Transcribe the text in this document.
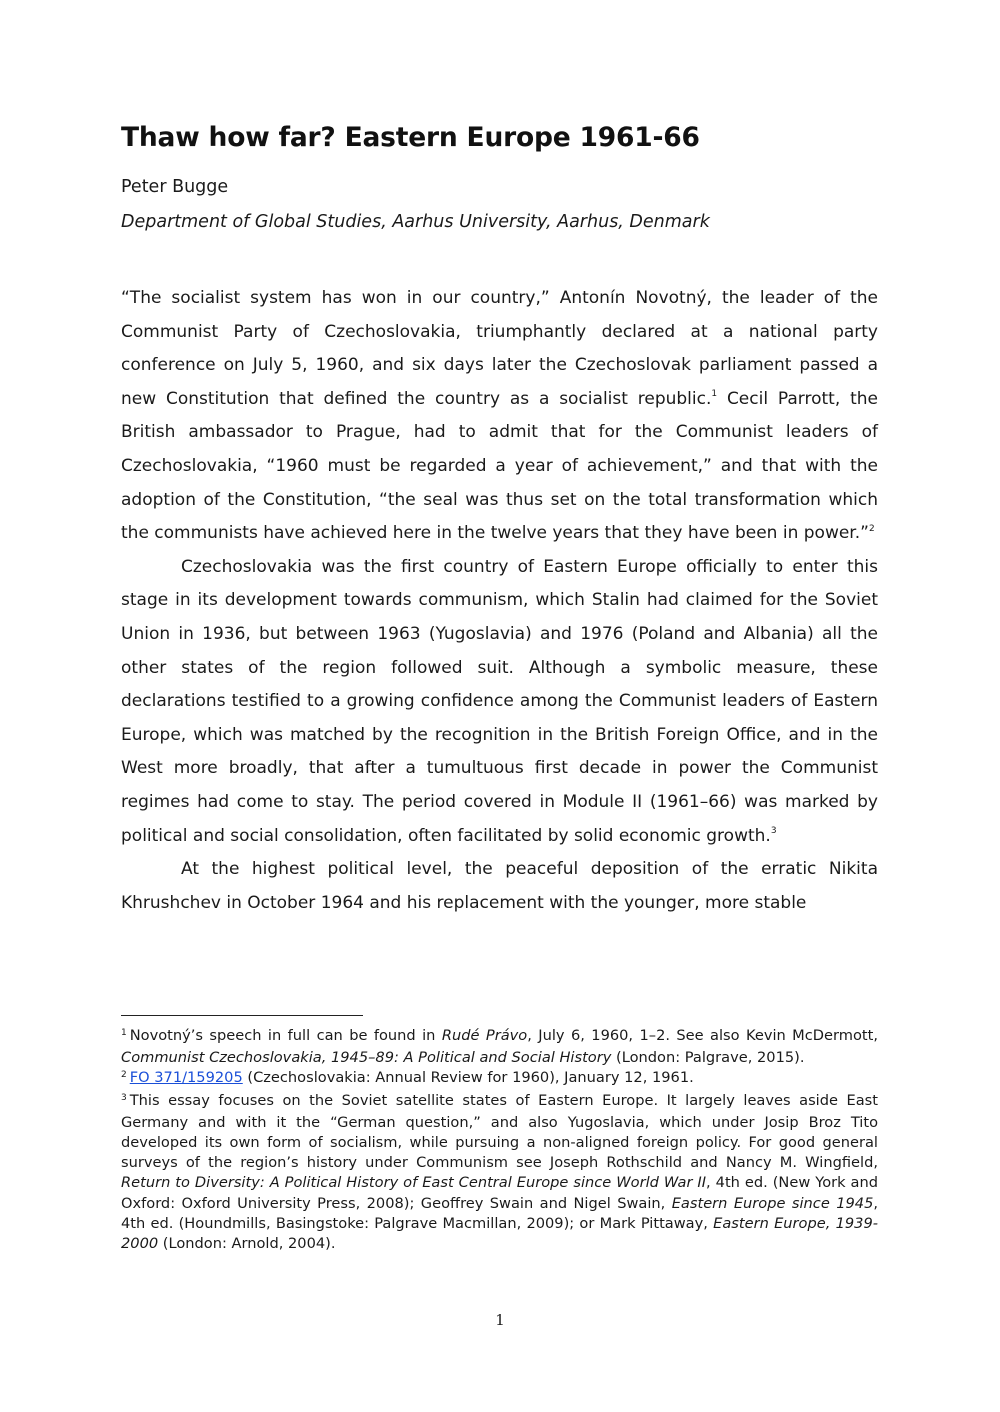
Thaw how far? Eastern Europe 1961-66
Peter Bugge
Department of Global Studies, Aarhus University, Aarhus, Denmark

“The socialist system has won in our country,” Antonín Novotný, the leader of the Communist Party of Czechoslovakia, triumphantly declared at a national party conference on July 5, 1960, and six days later the Czechoslovak parliament passed a new Constitution that defined the country as a socialist republic.$^1$ Cecil Parrott, the British ambassador to Prague, had to admit that for the Communist leaders of Czechoslovakia, “1960 must be regarded a year of achievement,” and that with the adoption of the Constitution, “the seal was thus set on the total transformation which the communists have achieved here in the twelve years that they have been in power.”$^2$

Czechoslovakia was the first country of Eastern Europe officially to enter this stage in its development towards communism, which Stalin had claimed for the Soviet Union in 1936, but between 1963 (Yugoslavia) and 1976 (Poland and Albania) all the other states of the region followed suit. Although a symbolic measure, these declarations testified to a growing confidence among the Communist leaders of Eastern Europe, which was matched by the recognition in the British Foreign Office, and in the West more broadly, that after a tumultuous first decade in power the Communist regimes had come to stay. The period covered in Module II (1961–66) was marked by political and social consolidation, often facilitated by solid economic growth.$^3$

At the highest political level, the peaceful deposition of the erratic Nikita Khrushchev in October 1964 and his replacement with the younger, more stable

$^1$ Novotný’s speech in full can be found in Rudé Právo, July 6, 1960, 1–2. See also Kevin McDermott, Communist Czechoslovakia, 1945–89: A Political and Social History (London: Palgrave, 2015).

$^2$ FO 371/159205 (Czechoslovakia: Annual Review for 1960), January 12, 1961.

$^3$ This essay focuses on the Soviet satellite states of Eastern Europe. It largely leaves aside East Germany and with it the “German question,” and also Yugoslavia, which under Josip Broz Tito developed its own form of socialism, while pursuing a non-aligned foreign policy. For good general surveys of the region’s history under Communism see Joseph Rothschild and Nancy M. Wingfield, Return to Diversity: A Political History of East Central Europe since World War II, 4th ed. (New York and Oxford: Oxford University Press, 2008); Geoffrey Swain and Nigel Swain, Eastern Europe since 1945, 4th ed. (Houndmills, Basingstoke: Palgrave Macmillan, 2009); or Mark Pittaway, Eastern Europe, 1939-2000 (London: Arnold, 2004).

1
